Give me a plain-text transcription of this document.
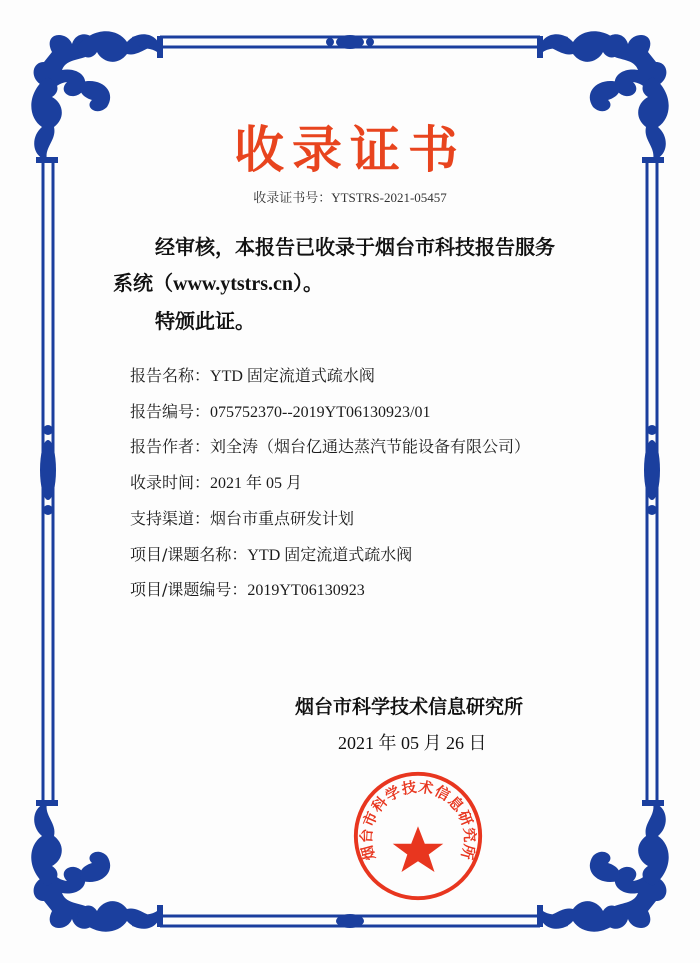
收录证书
收录证书号：YTSTRS-2021-05457
经审核，本报告已收录于烟台市科技报告服务
系统（www.ytstrs.cn）。
特颁此证。
报告名称：YTD 固定流道式疏水阀
报告编号：075752370--2019YT06130923/01
报告作者：刘全涛（烟台亿通达蒸汽节能设备有限公司）
收录时间：2021 年 05 月
支持渠道：烟台市重点研发计划
项目/课题名称：YTD 固定流道式疏水阀
项目/课题编号：2019YT06130923
烟台市科学技术信息研究所
2021 年 05 月 26 日
烟台市科学技术信息研究所
